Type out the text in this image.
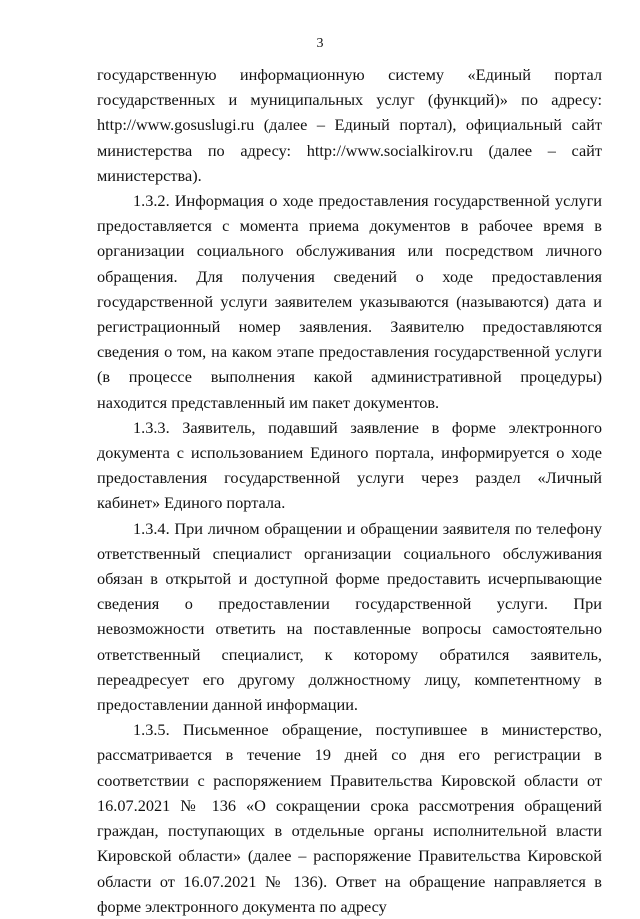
3

государственную информационную систему «Единый портал государственных и муниципальных услуг (функций)» по адресу: http://www.gosuslugi.ru (далее – Единый портал), официальный сайт министерства по адресу: http://www.socialkirov.ru (далее – сайт министерства).

1.3.2. Информация о ходе предоставления государственной услуги предоставляется с момента приема документов в рабочее время в организации социального обслуживания или посредством личного обращения. Для получения сведений о ходе предоставления государственной услуги заявителем указываются (называются) дата и регистрационный номер заявления. Заявителю предоставляются сведения о том, на каком этапе предоставления государственной услуги (в процессе выполнения какой административной процедуры) находится представленный им пакет документов.

1.3.3. Заявитель, подавший заявление в форме электронного документа с использованием Единого портала, информируется о ходе предоставления государственной услуги через раздел «Личный кабинет» Единого портала.

1.3.4. При личном обращении и обращении заявителя по телефону ответственный специалист организации социального обслуживания обязан в открытой и доступной форме предоставить исчерпывающие сведения о предоставлении государственной услуги. При невозможности ответить на поставленные вопросы самостоятельно ответственный специалист, к которому обратился заявитель, переадресует его другому должностному лицу, компетентному в предоставлении данной информации.

1.3.5. Письменное обращение, поступившее в министерство, рассматривается в течение 19 дней со дня его регистрации в соответствии с распоряжением Правительства Кировской области от 16.07.2021 № 136 «О сокращении срока рассмотрения обращений граждан, поступающих в отдельные органы исполнительной власти Кировской области» (далее – распоряжение Правительства Кировской области от 16.07.2021 № 136). Ответ на обращение направляется в форме электронного документа по адресу
